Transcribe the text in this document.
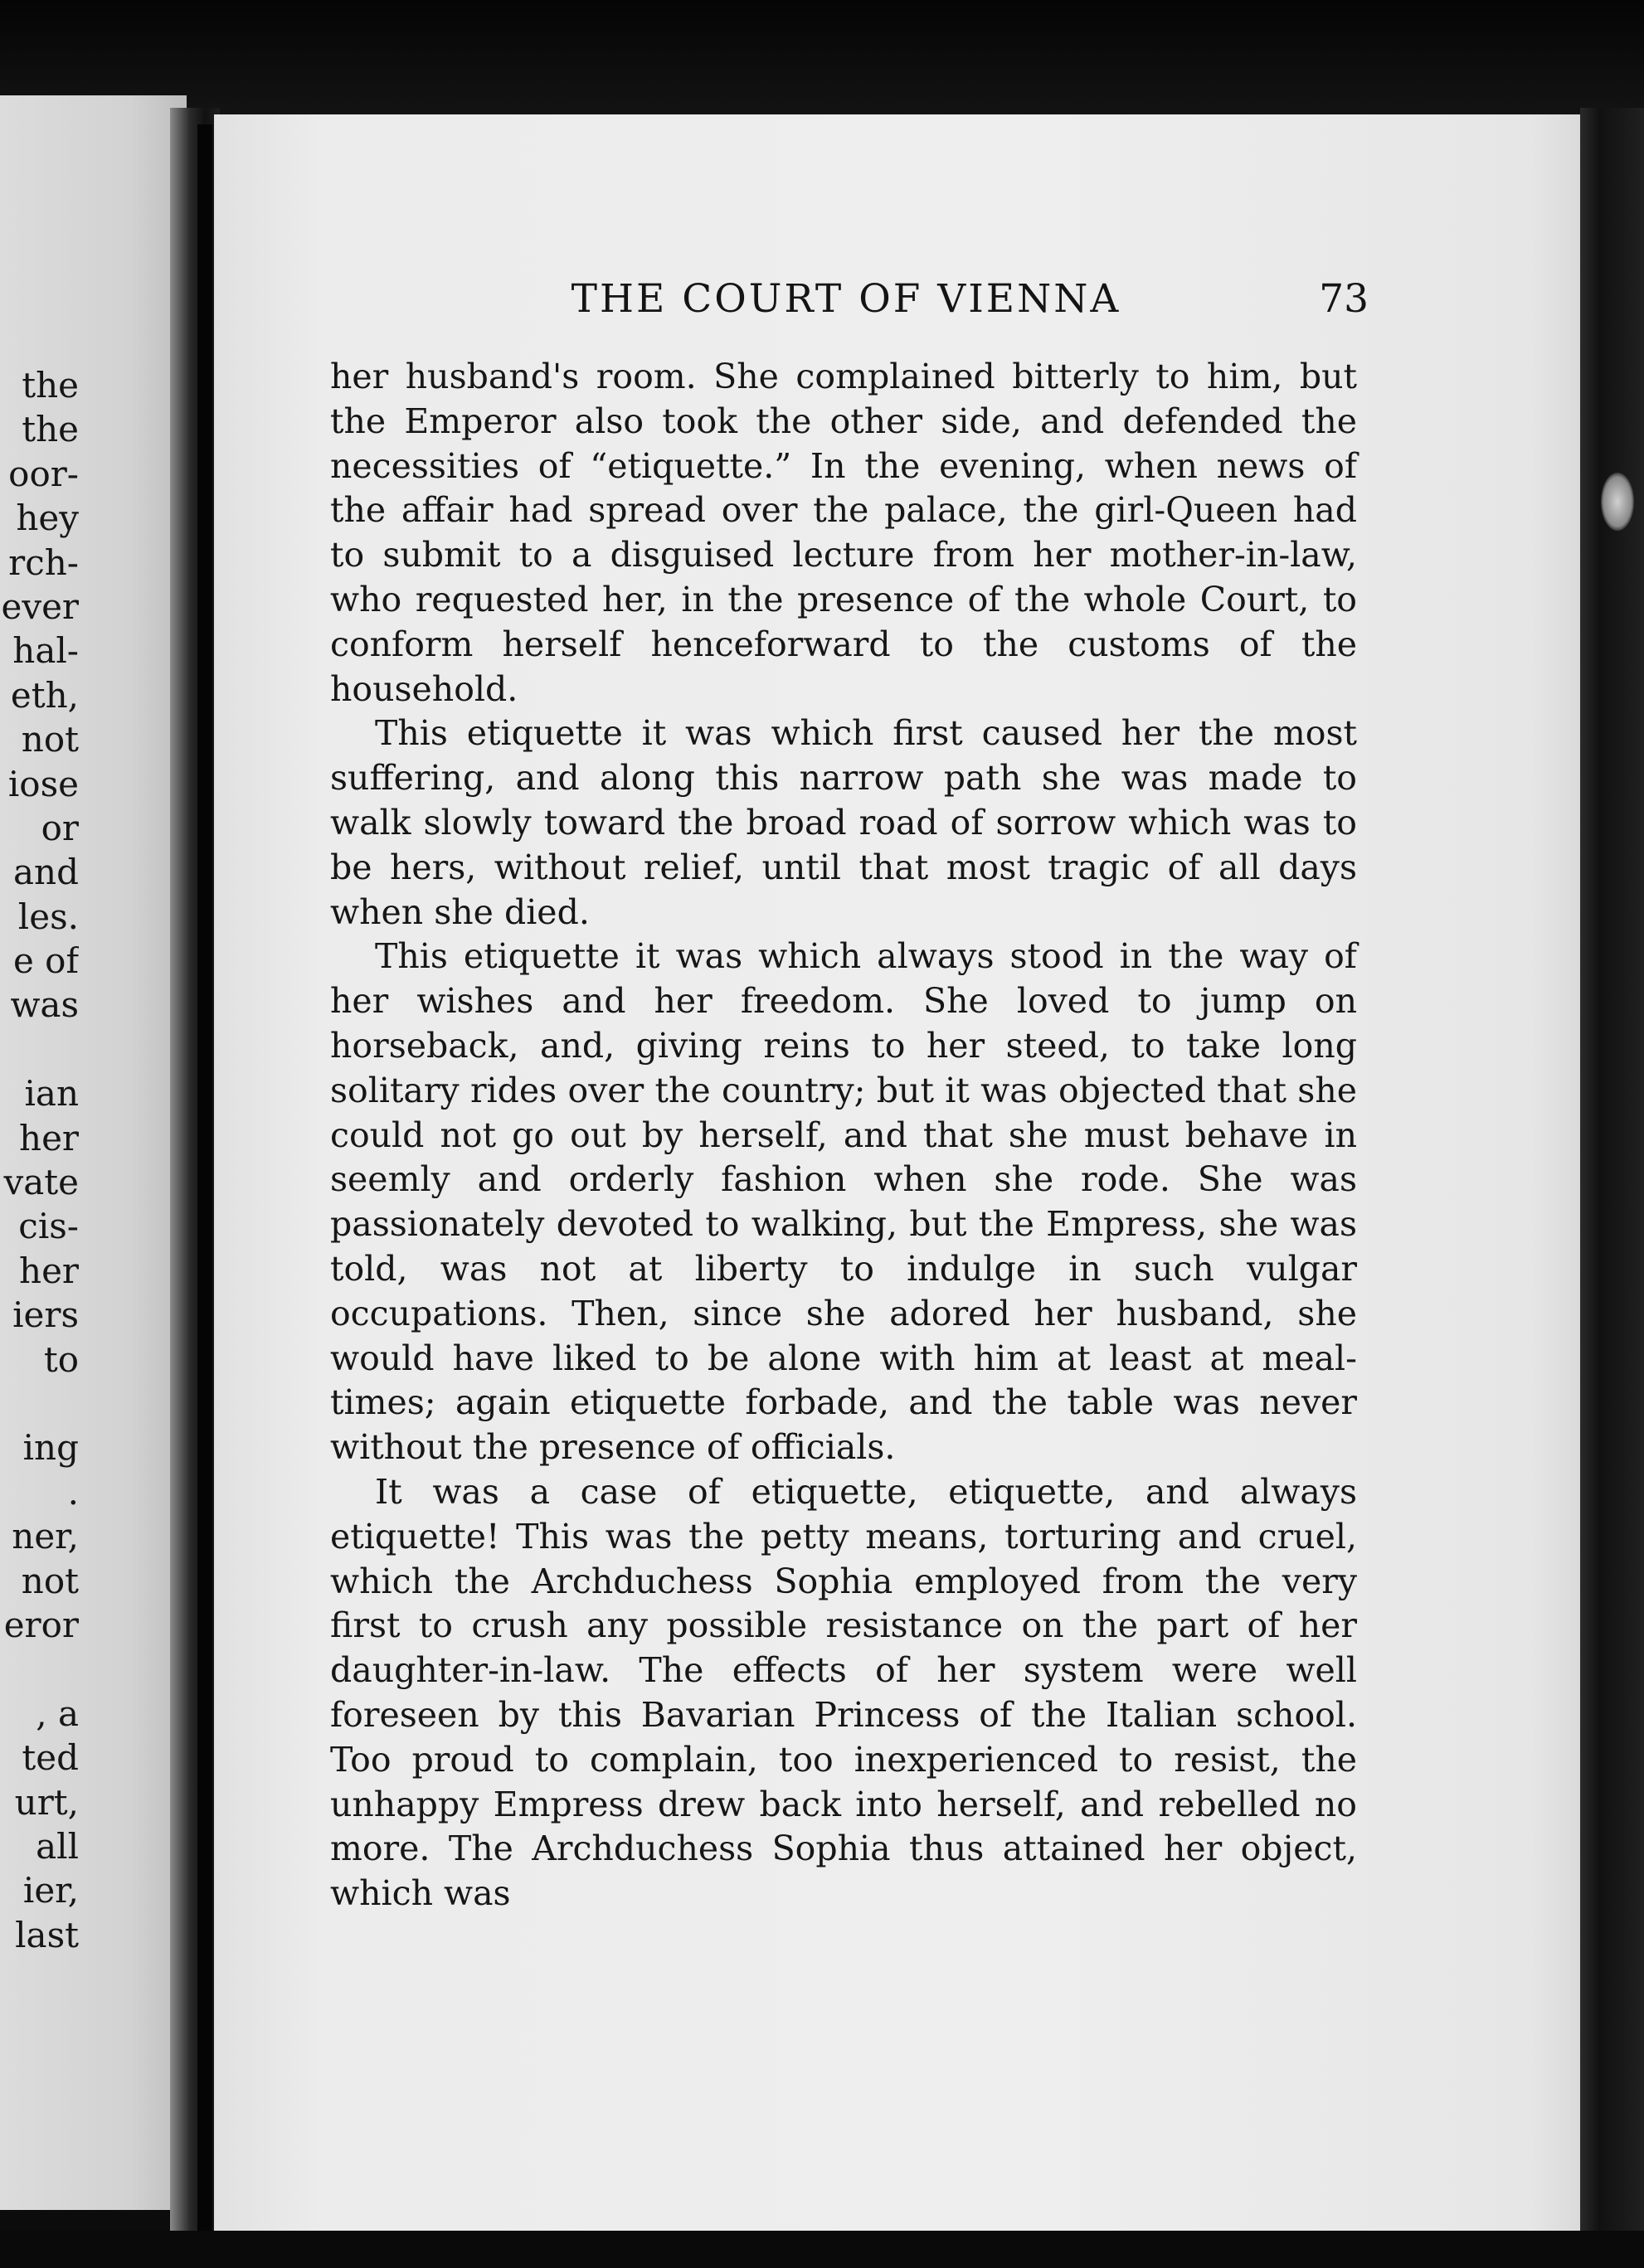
the
the
oor-
hey
rch-
ever
hal-
eth,
not
iose
or
and
les.
e of
was
ian
her
vate
cis-
her
iers
to
ing
.
ner,
not
eror
, a
ted
urt,
all
ier,
last
THE COURT OF VIENNA	73

her husband's room. She complained bitterly to him, but the Emperor also took the other side, and defended the necessities of “etiquette.” In the evening, when news of the affair had spread over the palace, the girl-Queen had to submit to a disguised lecture from her mother-in-law, who requested her, in the presence of the whole Court, to conform herself henceforward to the customs of the household.

This etiquette it was which first caused her the most suffering, and along this narrow path she was made to walk slowly toward the broad road of sorrow which was to be hers, without relief, until that most tragic of all days when she died.

This etiquette it was which always stood in the way of her wishes and her freedom. She loved to jump on horseback, and, giving reins to her steed, to take long solitary rides over the country; but it was objected that she could not go out by herself, and that she must behave in seemly and orderly fashion when she rode. She was passionately devoted to walking, but the Empress, she was told, was not at liberty to indulge in such vulgar occupations. Then, since she adored her husband, she would have liked to be alone with him at least at meal-times; again etiquette forbade, and the table was never without the presence of officials.

It was a case of etiquette, etiquette, and always etiquette! This was the petty means, torturing and cruel, which the Archduchess Sophia employed from the very first to crush any possible resistance on the part of her daughter-in-law. The effects of her system were well foreseen by this Bavarian Princess of the Italian school. Too proud to complain, too inexperienced to resist, the unhappy Empress drew back into herself, and rebelled no more. The Archduchess Sophia thus attained her object, which was
